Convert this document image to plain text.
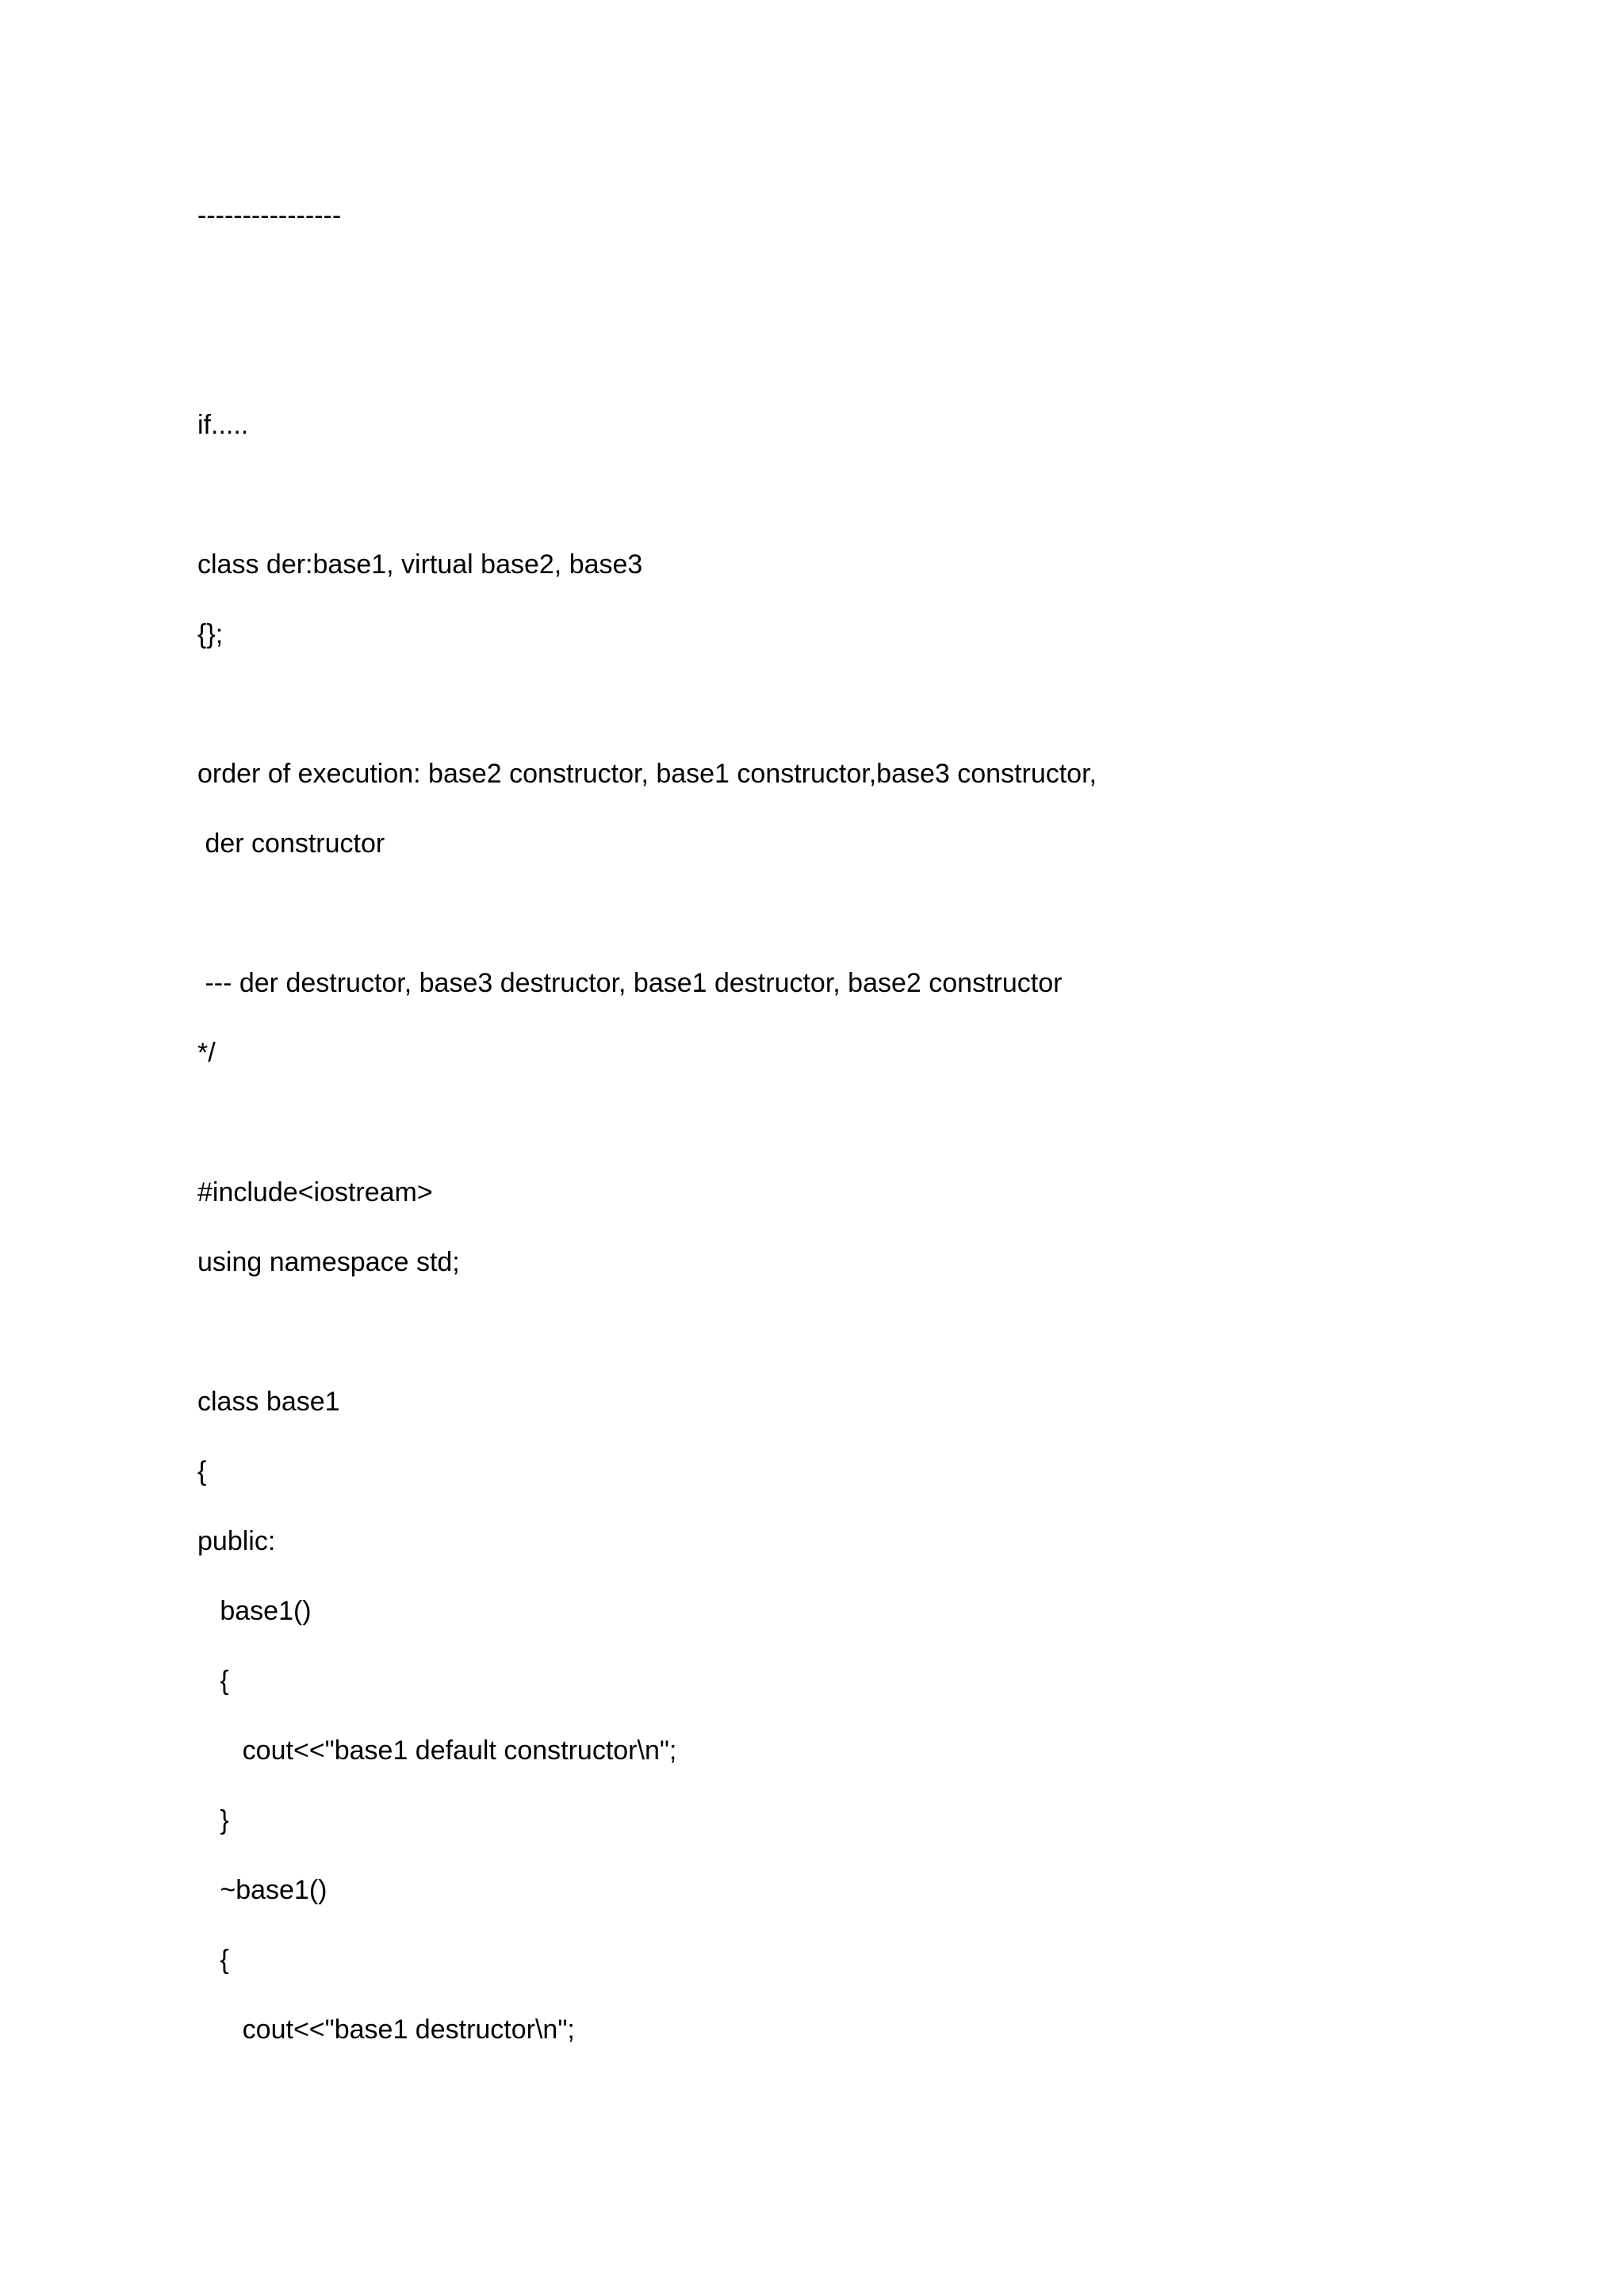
----------------

if.....

class der:base1, virtual base2, base3

{};

order of execution: base2 constructor, base1 constructor,base3 constructor,

der constructor

--- der destructor, base3 destructor, base1 destructor, base2 constructor

*/

#include<iostream>

using namespace std;

class base1

{

public:

base1()

{

cout<<"base1 default constructor\n";

}

~base1()

{

cout<<"base1 destructor\n";
